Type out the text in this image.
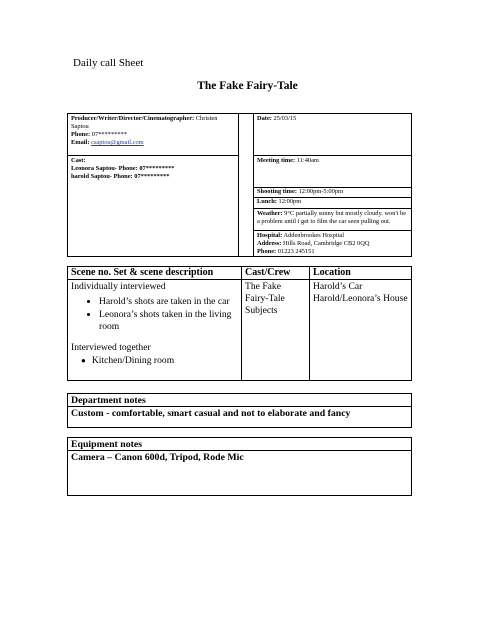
Daily call Sheet
The Fake Fairy-Tale
Producer/Writer/Director/Cinematographer: Christen
Saptou
Phone: 07*********
Email: csaptou@gmail.com
Cast:
Leonora Saptou- Phone: 07*********
harold Saptou- Phone: 07*********
Date: 25/03/15
Meeting time: 11:40am
Shooting time: 12:00pm-5:00pm
Lunch: 12:00pm
Weather: 9°C partially sunny but mostly cloudy. won't be a problem until i get to film the car seen pulling out.
Hospital: Addenbrookes Hospital
Address: Hills Road, Cambridge CB2 0QQ
Phone: 01223 245151
Scene no. Set & scene description
Individually interviewed
• Harold’s shots are taken in the car
• Leonora’s shots taken in the living room
Interviewed together
● Kitchen/Dining room
Cast/Crew
The Fake Fairy-Tale Subjects
Location
Harold’s Car
Harold/Leonora’s House
Department notes
Custom - comfortable, smart casual and not to elaborate and fancy
Equipment notes
Camera – Canon 600d, Tripod, Rode Mic
